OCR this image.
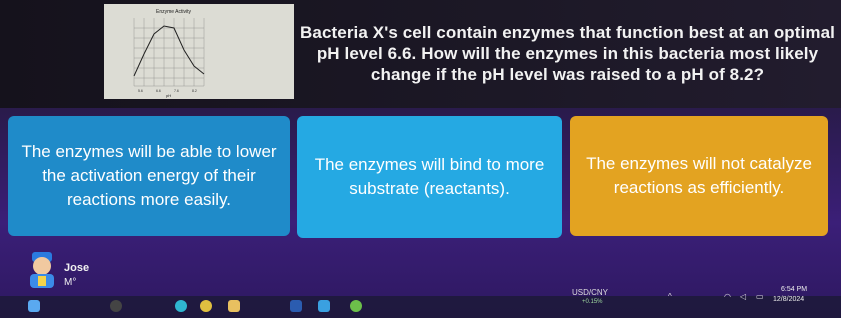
Enzyme Activity
pH
5.6	6.6	7.6	8.2
Bacteria X's cell contain enzymes that function best at an optimal pH level 6.6. How will the enzymes in this bacteria most likely change if the pH level was raised to a pH of 8.2?
The enzymes will be able to lower the activation energy of their reactions more easily.
The enzymes will bind to more substrate (reactants).
The enzymes will not catalyze reactions as efficiently.
Jose
M°
USD/CNY
+0.15%
^	◠ ◁ ▭
6:54 PM
12/8/2024
